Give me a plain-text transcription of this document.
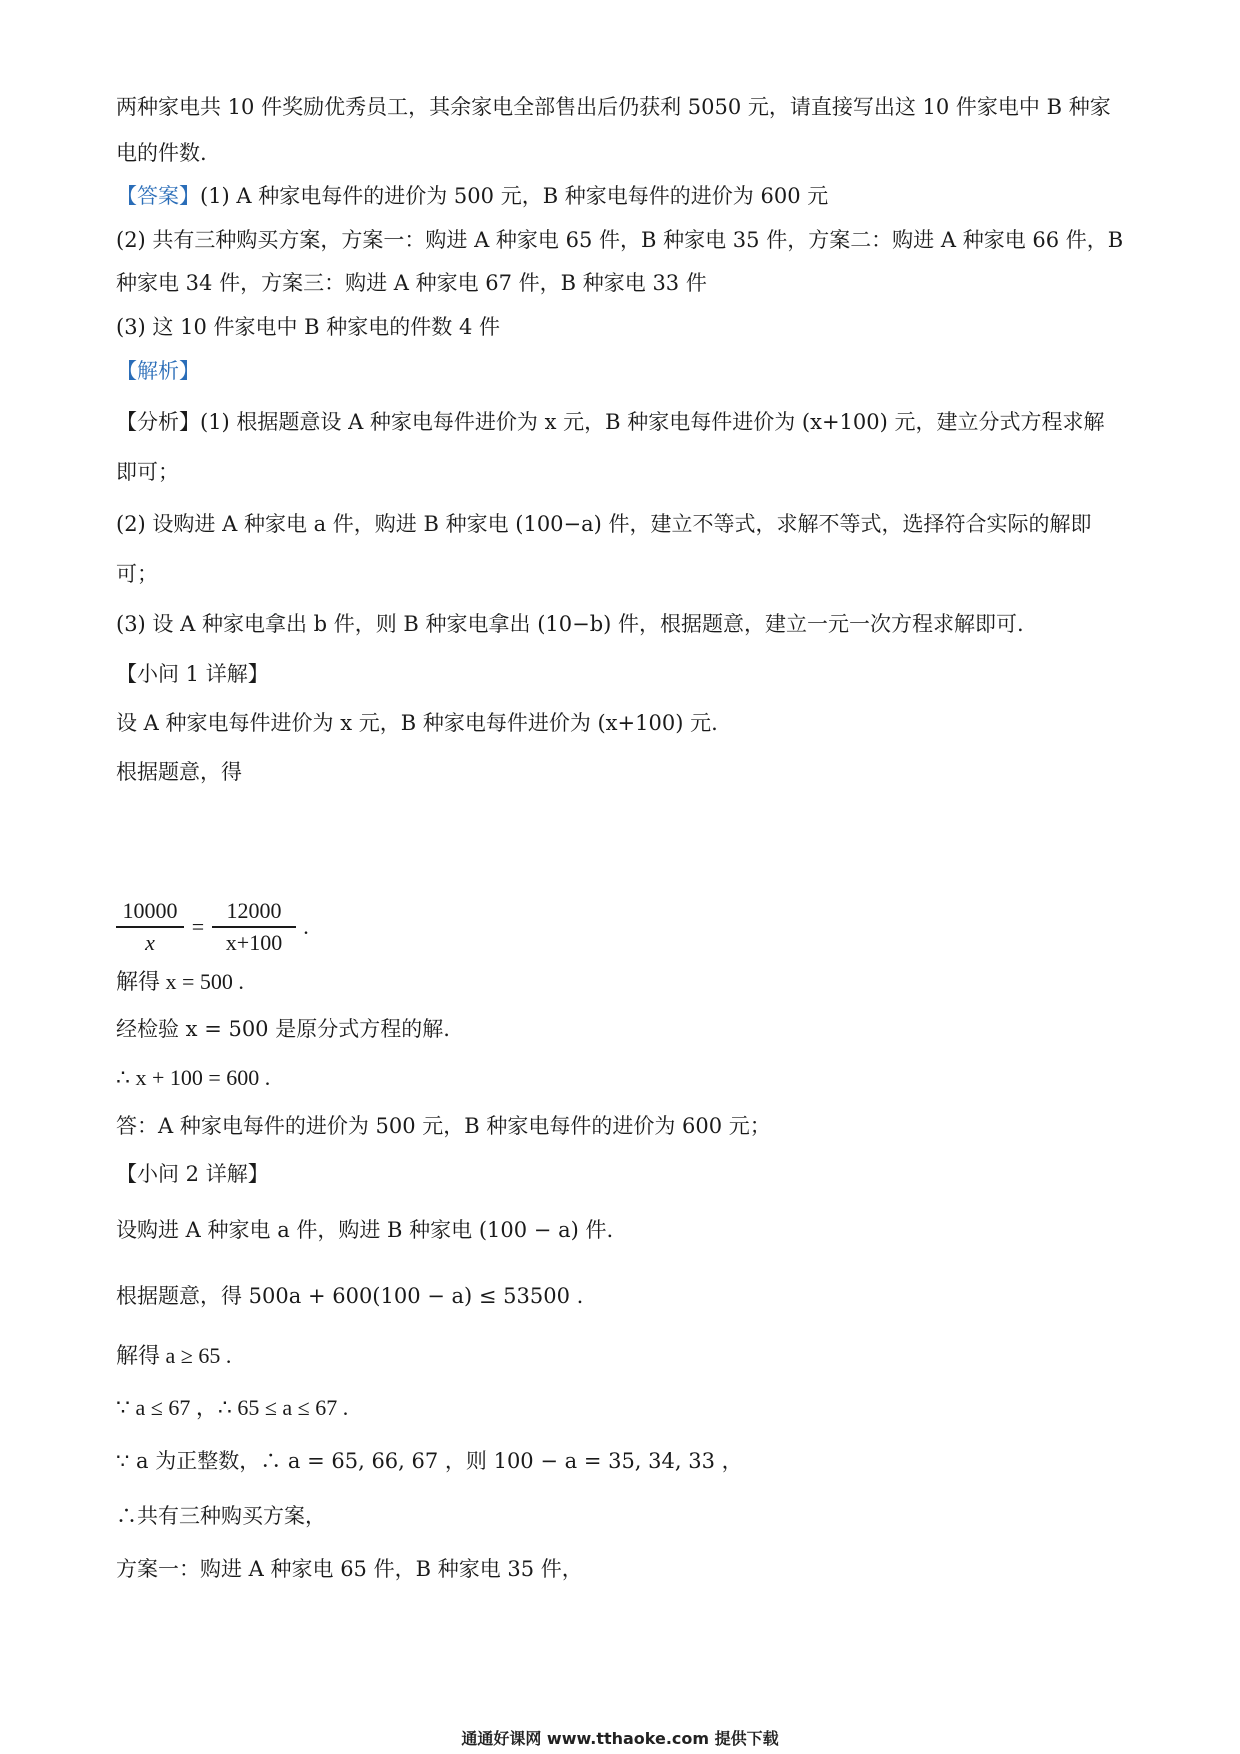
两种家电共 10 件奖励优秀员工，其余家电全部售出后仍获利 5050 元，请直接写出这 10 件家电中 B 种家
电的件数.
【答案】(1) A 种家电每件的进价为 500 元，B 种家电每件的进价为 600 元
(2) 共有三种购买方案，方案一：购进 A 种家电 65 件，B 种家电 35 件，方案二：购进 A 种家电 66 件，B
种家电 34 件，方案三：购进 A 种家电 67 件，B 种家电 33 件
(3) 这 10 件家电中 B 种家电的件数 4 件
【解析】
【分析】(1) 根据题意设 A 种家电每件进价为 x 元，B 种家电每件进价为 (x+100) 元，建立分式方程求解
即可；
(2) 设购进 A 种家电 a 件，购进 B 种家电 (100−a) 件，建立不等式，求解不等式，选择符合实际的解即
可；
(3) 设 A 种家电拿出 b 件，则 B 种家电拿出 (10−b) 件，根据题意，建立一元一次方程求解即可.
【小问 1 详解】
设 A 种家电每件进价为 x 元，B 种家电每件进价为 (x+100) 元.
根据题意，得
10000
x
=
12000
x+100
.
解得 x = 500 .
经检验 x = 500 是原分式方程的解.
∴ x + 100 = 600 .
答：A 种家电每件的进价为 500 元，B 种家电每件的进价为 600 元；
【小问 2 详解】
设购进 A 种家电 a 件，购进 B 种家电 (100 − a) 件.
根据题意，得 500a + 600(100 − a) ≤ 53500 .
解得 a ≥ 65 .
∵ a ≤ 67 ，∴ 65 ≤ a ≤ 67 .
∵ a 为正整数，∴ a = 65, 66, 67 ，则 100 − a = 35, 34, 33 ，
∴共有三种购买方案，
方案一：购进 A 种家电 65 件，B 种家电 35 件，
通通好课网 www.tthaoke.com 提供下载
